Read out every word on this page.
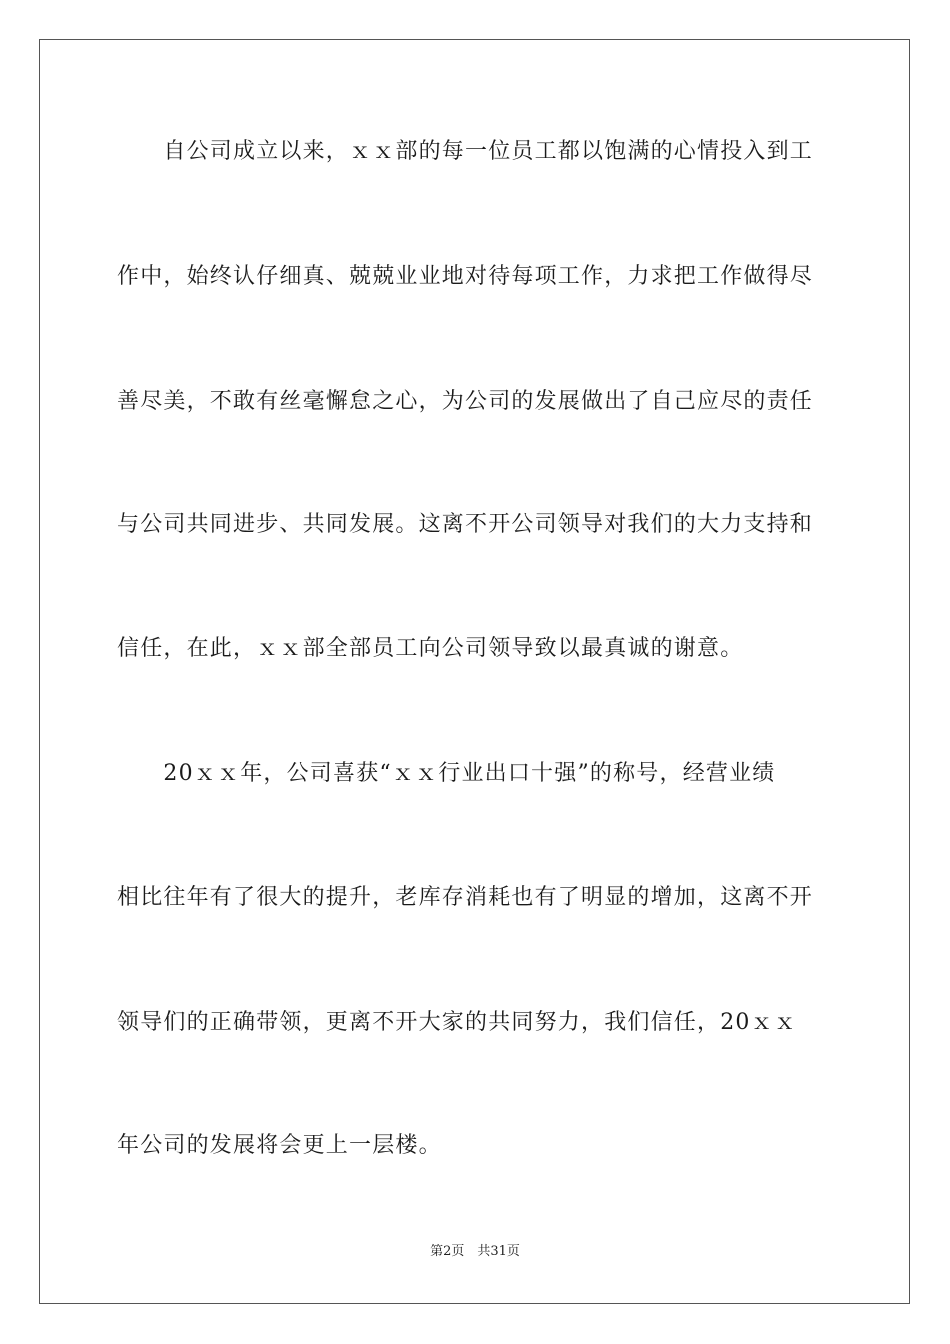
　　自公司成立以来，ｘｘ部的每一位员工都以饱满的心情投入到工
作中，始终认仔细真、兢兢业业地对待每项工作，力求把工作做得尽
善尽美，不敢有丝毫懈怠之心，为公司的发展做出了自己应尽的责任
与公司共同进步、共同发展。这离不开公司领导对我们的大力支持和
信任，在此，ｘｘ部全部员工向公司领导致以最真诚的谢意。
　　20ｘｘ年，公司喜获“ｘｘ行业出口十强”的称号，经营业绩
相比往年有了很大的提升，老库存消耗也有了明显的增加，这离不开
领导们的正确带领，更离不开大家的共同努力，我们信任，20ｘｘ
年公司的发展将会更上一层楼。
第2页　共31页
